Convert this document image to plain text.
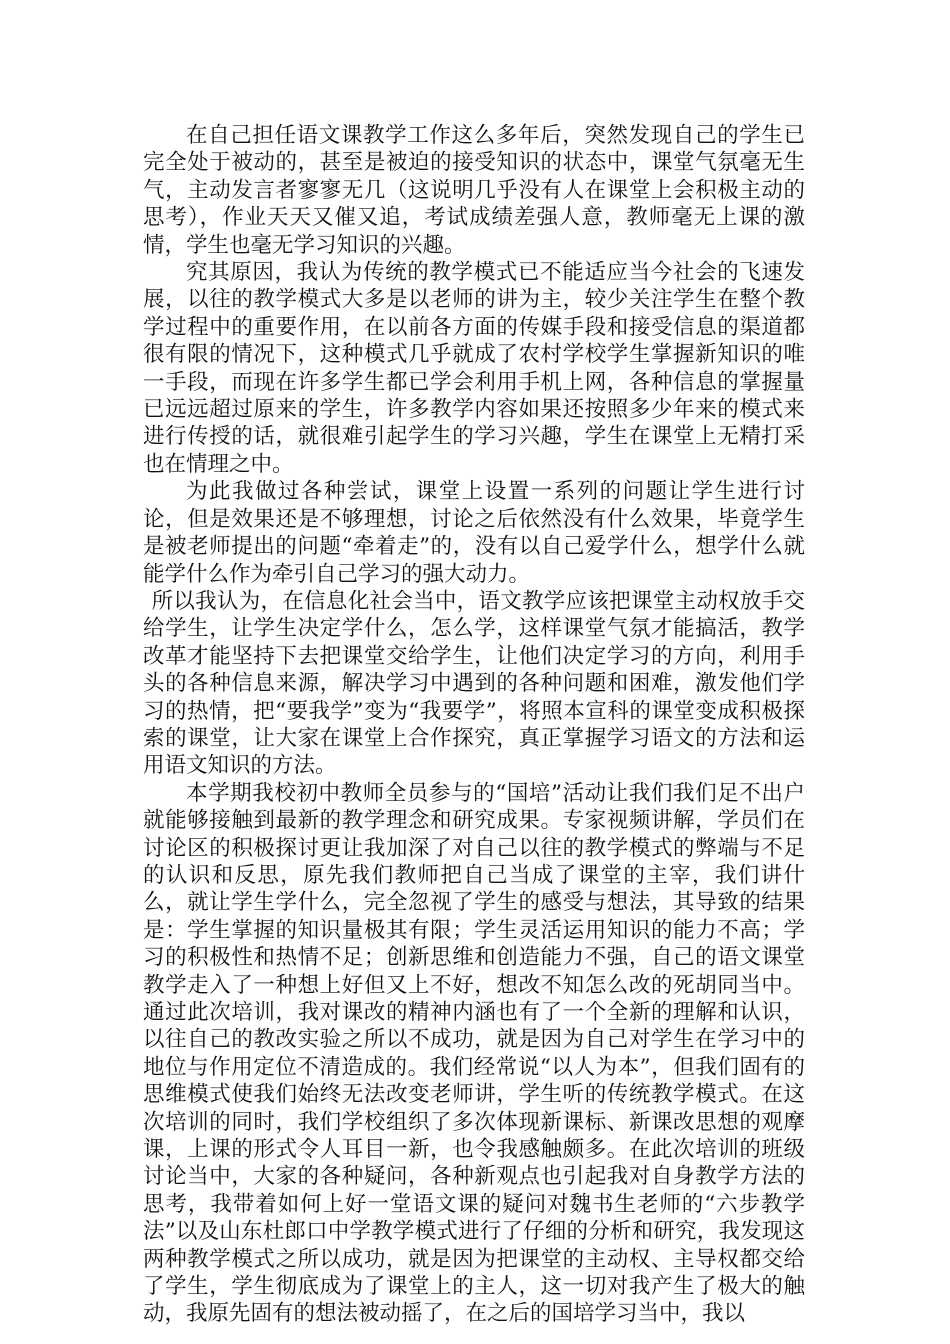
在自己担任语文课教学工作这么多年后，突然发现自己的学生已完全处于被动的，甚至是被迫的接受知识的状态中，课堂气氛毫无生气，主动发言者寥寥无几（这说明几乎没有人在课堂上会积极主动的思考），作业天天又催又追，考试成绩差强人意，教师毫无上课的激情，学生也毫无学习知识的兴趣。

究其原因，我认为传统的教学模式已不能适应当今社会的飞速发展，以往的教学模式大多是以老师的讲为主，较少关注学生在整个教学过程中的重要作用，在以前各方面的传媒手段和接受信息的渠道都很有限的情况下，这种模式几乎就成了农村学校学生掌握新知识的唯一手段，而现在许多学生都已学会利用手机上网，各种信息的掌握量已远远超过原来的学生，许多教学内容如果还按照多少年来的模式来进行传授的话，就很难引起学生的学习兴趣，学生在课堂上无精打采也在情理之中。

为此我做过各种尝试，课堂上设置一系列的问题让学生进行讨论，但是效果还是不够理想，讨论之后依然没有什么效果，毕竟学生是被老师提出的问题“牵着走”的，没有以自己爱学什么，想学什么就能学什么作为牵引自己学习的强大动力。

所以我认为，在信息化社会当中，语文教学应该把课堂主动权放手交给学生，让学生决定学什么，怎么学，这样课堂气氛才能搞活，教学改革才能坚持下去把课堂交给学生，让他们决定学习的方向，利用手头的各种信息来源，解决学习中遇到的各种问题和困难，激发他们学习的热情，把“要我学”变为“我要学”，将照本宣科的课堂变成积极探索的课堂，让大家在课堂上合作探究，真正掌握学习语文的方法和运用语文知识的方法。

本学期我校初中教师全员参与的“国培”活动让我们我们足不出户就能够接触到最新的教学理念和研究成果。专家视频讲解，学员们在讨论区的积极探讨更让我加深了对自己以往的教学模式的弊端与不足的认识和反思，原先我们教师把自己当成了课堂的主宰，我们讲什么，就让学生学什么，完全忽视了学生的感受与想法，其导致的结果是：学生掌握的知识量极其有限；学生灵活运用知识的能力不高；学习的积极性和热情不足；创新思维和创造能力不强，自己的语文课堂教学走入了一种想上好但又上不好，想改不知怎么改的死胡同当中。通过此次培训，我对课改的精神内涵也有了一个全新的理解和认识，以往自己的教改实验之所以不成功，就是因为自己对学生在学习中的地位与作用定位不清造成的。我们经常说“以人为本”，但我们固有的思维模式使我们始终无法改变老师讲，学生听的传统教学模式。在这次培训的同时，我们学校组织了多次体现新课标、新课改思想的观摩课，上课的形式令人耳目一新，也令我感触颇多。在此次培训的班级讨论当中，大家的各种疑问，各种新观点也引起我对自身教学方法的思考，我带着如何上好一堂语文课的疑问对魏书生老师的“六步教学法”以及山东杜郎口中学教学模式进行了仔细的分析和研究，我发现这两种教学模式之所以成功，就是因为把课堂的主动权、主导权都交给了学生，学生彻底成为了课堂上的主人，这一切对我产生了极大的触动，我原先固有的想法被动摇了，在之后的国培学习当中，我以
